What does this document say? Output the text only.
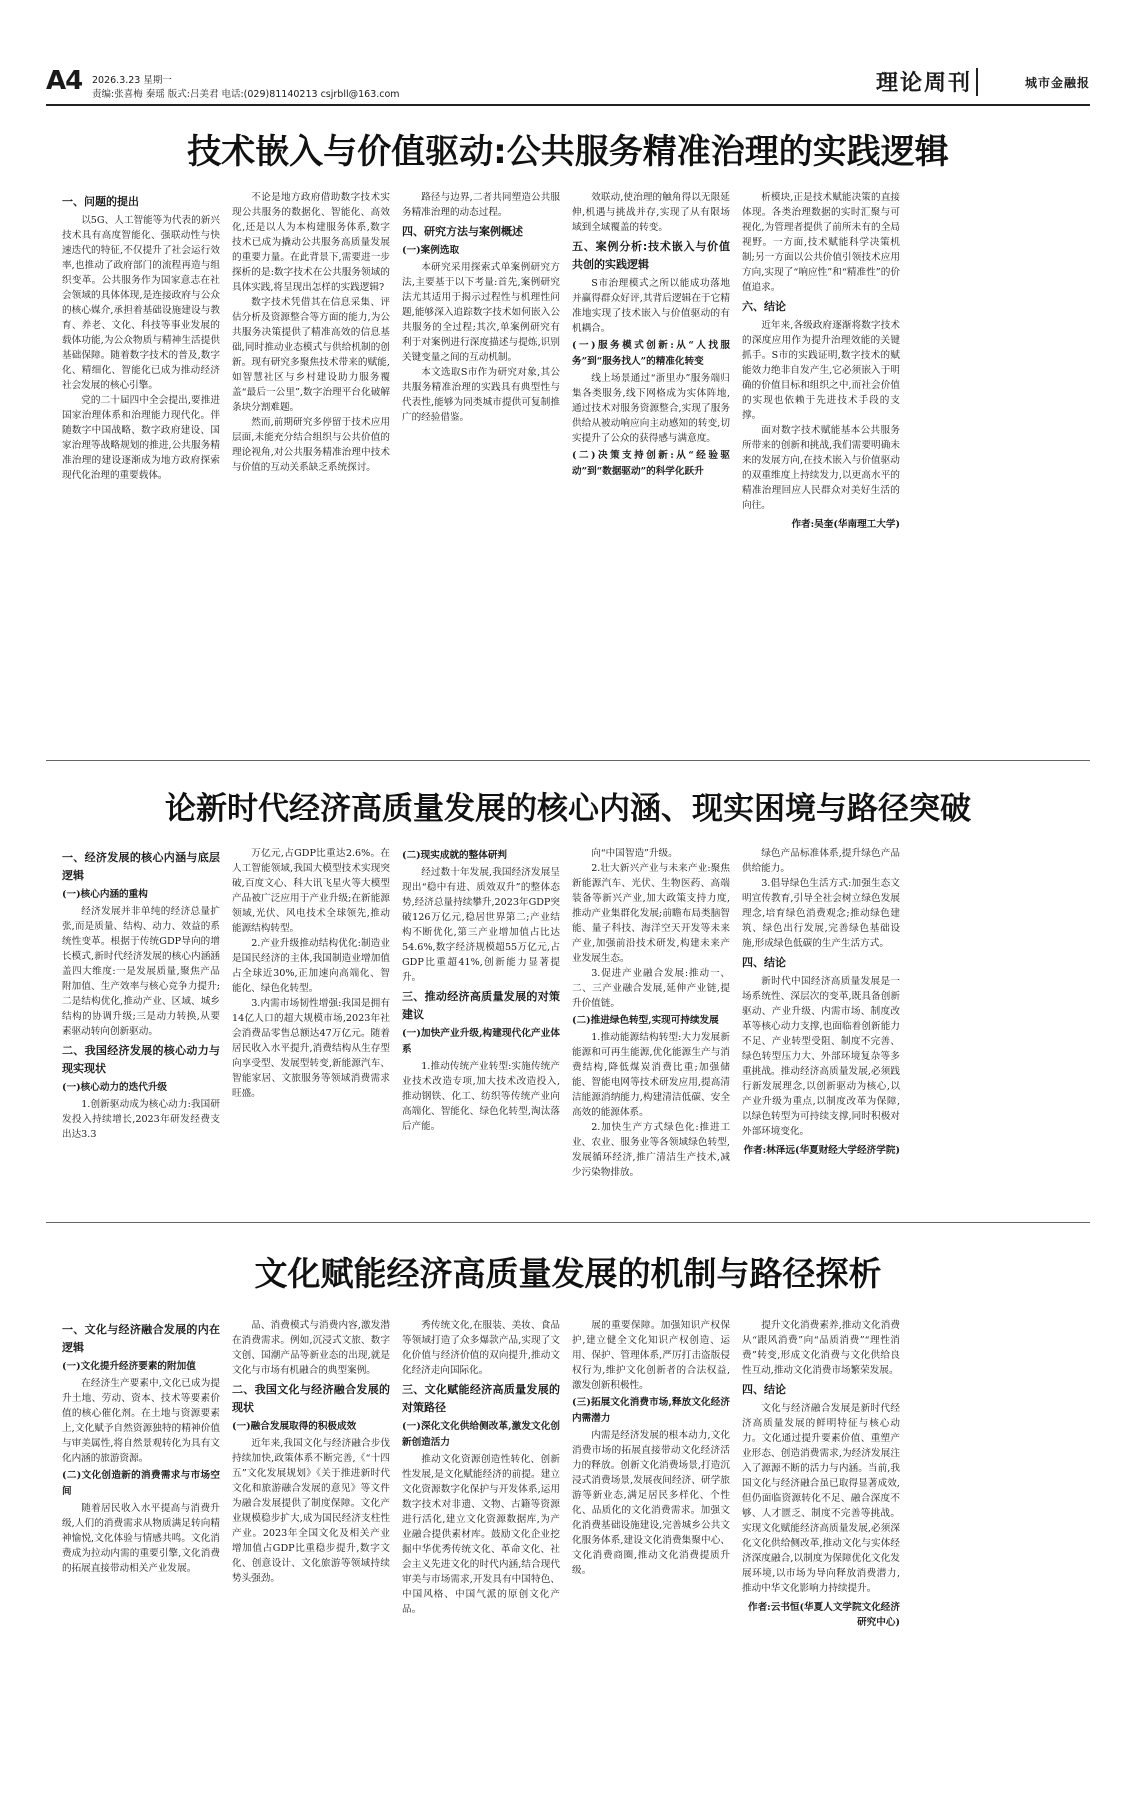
A4 2026.3.23 星期一
责编:张喜梅 秦瑶 版式:吕美君 电话:(029)81140213 csjrbll@163.com	理论周刊	城市金融报
技术嵌入与价值驱动:公共服务精准治理的实践逻辑
一、问题的提出

以5G、人工智能等为代表的新兴技术具有高度智能化、强联动性与快速迭代的特征,不仅提升了社会运行效率,也推动了政府部门的流程再造与组织变革。公共服务作为国家意志在社会领域的具体体现,是连接政府与公众的核心媒介,承担着基础设施建设与教育、养老、文化、科技等事业发展的载体功能,为公众物质与精神生活提供基础保障。随着数字技术的普及,数字化、精细化、智能化已成为推动经济社会发展的核心引擎。

党的二十届四中全会提出,要推进国家治理体系和治理能力现代化。伴随数字中国战略、数字政府建设、国家治理等战略规划的推进,公共服务精准治理的建设逐渐成为地方政府探索现代化治理的重要载体。

不论是地方政府借助数字技术实现公共服务的数据化、智能化、高效化,还是以人为本构建服务体系,数字技术已成为撬动公共服务高质量发展的重要力量。在此背景下,需要进一步探析的是:数字技术在公共服务领域的具体实践,将呈现出怎样的实践逻辑?

数字技术凭借其在信息采集、评估分析及资源整合等方面的能力,为公共服务决策提供了精准高效的信息基础,同时推动业态模式与供给机制的创新。现有研究多聚焦技术带来的赋能,如智慧社区与乡村建设助力服务覆盖“最后一公里”,数字治理平台化破解条块分割难题。

然而,前期研究多停留于技术应用层面,未能充分结合组织与公共价值的理论视角,对公共服务精准治理中技术与价值的互动关系缺乏系统探讨。

路径与边界,二者共同塑造公共服务精准治理的动态过程。

四、研究方法与案例概述
(一)案例选取

本研究采用探索式单案例研究方法,主要基于以下考量:首先,案例研究法尤其适用于揭示过程性与机理性问题,能够深入追踪数字技术如何嵌入公共服务的全过程;其次,单案例研究有利于对案例进行深度描述与提炼,识别关键变量之间的互动机制。

本文选取S市作为研究对象,其公共服务精准治理的实践具有典型性与代表性,能够为同类城市提供可复制推广的经验借鉴。

效联动,使治理的触角得以无限延伸,机遇与挑战并存,实现了从有限场域到全域覆盖的转变。

五、案例分析:技术嵌入与价值共创的实践逻辑

S市治理模式之所以能成功落地并赢得群众好评,其背后逻辑在于它精准地实现了技术嵌入与价值驱动的有机耦合。

(一)服务模式创新:从“人找服务”到“服务找人”的精准化转变

线上场景通过“浙里办”服务端归集各类服务,线下网格成为实体阵地,通过技术对服务资源整合,实现了服务供给从被动响应向主动感知的转变,切实提升了公众的获得感与满意度。

(二)决策支持创新:从“经验驱动”到“数据驱动”的科学化跃升

析模块,正是技术赋能决策的直接体现。各类治理数据的实时汇聚与可视化,为管理者提供了前所未有的全局视野。一方面,技术赋能科学决策机制;另一方面以公共价值引领技术应用方向,实现了“响应性”和“精准性”的价值追求。

六、结论

近年来,各级政府逐渐将数字技术的深度应用作为提升治理效能的关键抓手。S市的实践证明,数字技术的赋能效力绝非自发产生,它必须嵌入于明确的价值目标和组织之中,而社会价值的实现也依赖于先进技术手段的支撑。

面对数字技术赋能基本公共服务所带来的创新和挑战,我们需要明确未来的发展方向,在技术嵌入与价值驱动的双重维度上持续发力,以更高水平的精准治理回应人民群众对美好生活的向往。

作者:吴奎(华南理工大学)
论新时代经济高质量发展的核心内涵、现实困境与路径突破
一、经济发展的核心内涵与底层逻辑
(一)核心内涵的重构

经济发展并非单纯的经济总量扩张,而是质量、结构、动力、效益的系统性变革。根据于传统GDP导向的增长模式,新时代经济发展的核心内涵涵盖四大维度:一是发展质量,聚焦产品附加值、生产效率与核心竞争力提升;二是结构优化,推动产业、区域、城乡结构的协调升级;三是动力转换,从要素驱动转向创新驱动。

二、我国经济发展的核心动力与现实现状
(一)核心动力的迭代升级

1.创新驱动成为核心动力:我国研发投入持续增长,2023年研发经费支出达3.3

万亿元,占GDP比重达2.6%。在人工智能领域,我国大模型技术实现突破,百度文心、科大讯飞星火等大模型产品被广泛应用于产业升级;在新能源领域,光伏、风电技术全球领先,推动能源结构转型。

2.产业升级推动结构优化:制造业是国民经济的主体,我国制造业增加值占全球近30%,正加速向高端化、智能化、绿色化转型。

3.内需市场韧性增强:我国是拥有14亿人口的超大规模市场,2023年社会消费品零售总额达47万亿元。随着居民收入水平提升,消费结构从生存型向享受型、发展型转变,新能源汽车、智能家居、文旅服务等领域消费需求旺盛。

(二)现实成就的整体研判

经过数十年发展,我国经济发展呈现出“稳中有进、质效双升”的整体态势,经济总量持续攀升,2023年GDP突破126万亿元,稳居世界第二;产业结构不断优化,第三产业增加值占比达54.6%,数字经济规模超55万亿元,占GDP比重超41%,创新能力显著提升。

三、推动经济高质量发展的对策建议
(一)加快产业升级,构建现代化产业体系

1.推动传统产业转型:实施传统产业技术改造专项,加大技术改造投入,推动钢铁、化工、纺织等传统产业向高端化、智能化、绿色化转型,淘汰落后产能。

向“中国智造”升级。

2.壮大新兴产业与未来产业:聚焦新能源汽车、光伏、生物医药、高端装备等新兴产业,加大政策支持力度,推动产业集群化发展;前瞻布局类脑智能、量子科技、海洋空天开发等未来产业,加强前沿技术研发,构建未来产业发展生态。

3.促进产业融合发展:推动一、二、三产业融合发展,延伸产业链,提升价值链。

(二)推进绿色转型,实现可持续发展

1.推动能源结构转型:大力发展新能源和可再生能源,优化能源生产与消费结构,降低煤炭消费比重;加强储能、智能电网等技术研发应用,提高清洁能源消纳能力,构建清洁低碳、安全高效的能源体系。

2.加快生产方式绿色化:推进工业、农业、服务业等各领域绿色转型,发展循环经济,推广清洁生产技术,减少污染物排放。

绿色产品标准体系,提升绿色产品供给能力。

3.倡导绿色生活方式:加强生态文明宣传教育,引导全社会树立绿色发展理念,培育绿色消费观念;推动绿色建筑、绿色出行发展,完善绿色基础设施,形成绿色低碳的生产生活方式。

四、结论

新时代中国经济高质量发展是一场系统性、深层次的变革,既具备创新驱动、产业升级、内需市场、制度改革等核心动力支撑,也面临着创新能力不足、产业转型受阻、制度不完善、绿色转型压力大、外部环境复杂等多重挑战。推动经济高质量发展,必须践行新发展理念,以创新驱动为核心,以产业升级为重点,以制度改革为保障,以绿色转型为可持续支撑,同时积极对外部环境变化。

作者:林泽远(华夏财经大学经济学院)
文化赋能经济高质量发展的机制与路径探析
一、文化与经济融合发展的内在逻辑
(一)文化提升经济要素的附加值

在经济生产要素中,文化已成为提升土地、劳动、资本、技术等要素价值的核心催化剂。在土地与资源要素上,文化赋予自然资源独特的精神价值与审美属性,将自然景观转化为具有文化内涵的旅游资源。

(二)文化创造新的消费需求与市场空间

随着居民收入水平提高与消费升级,人们的消费需求从物质满足转向精神愉悦,文化体验与情感共鸣。文化消费成为拉动内需的重要引擎,文化消费的拓展直接带动相关产业发展。

品、消费模式与消费内容,激发潜在消费需求。例如,沉浸式文旅、数字文创、国潮产品等新业态的出现,就是文化与市场有机融合的典型案例。

二、我国文化与经济融合发展的现状
(一)融合发展取得的积极成效

近年来,我国文化与经济融合步伐持续加快,政策体系不断完善,《“十四五”文化发展规划》《关于推进新时代文化和旅游融合发展的意见》等文件为融合发展提供了制度保障。文化产业规模稳步扩大,成为国民经济支柱性产业。2023年全国文化及相关产业增加值占GDP比重稳步提升,数字文化、创意设计、文化旅游等领域持续势头强劲。

秀传统文化,在服装、美妆、食品等领域打造了众多爆款产品,实现了文化价值与经济价值的双向提升,推动文化经济走向国际化。

三、文化赋能经济高质量发展的对策路径
(一)深化文化供给侧改革,激发文化创新创造活力

推动文化资源创造性转化、创新性发展,是文化赋能经济的前提。建立文化资源数字化保护与开发体系,运用数字技术对非遗、文物、古籍等资源进行活化,建立文化资源数据库,为产业融合提供素材库。鼓励文化企业挖掘中华优秀传统文化、革命文化、社会主义先进文化的时代内涵,结合现代审美与市场需求,开发具有中国特色、中国风格、中国气派的原创文化产品。

展的重要保障。加强知识产权保护,建立健全文化知识产权创造、运用、保护、管理体系,严厉打击盗版侵权行为,维护文化创新者的合法权益,激发创新积极性。

(三)拓展文化消费市场,释放文化经济内需潜力

内需是经济发展的根本动力,文化消费市场的拓展直接带动文化经济活力的释放。创新文化消费场景,打造沉浸式消费场景,发展夜间经济、研学旅游等新业态,满足居民多样化、个性化、品质化的文化消费需求。加强文化消费基础设施建设,完善城乡公共文化服务体系,建设文化消费集聚中心、文化消费商圈,推动文化消费提质升级。

提升文化消费素养,推动文化消费从“跟风消费”向“品质消费”“理性消费”转变,形成文化消费与文化供给良性互动,推动文化消费市场繁荣发展。

四、结论

文化与经济融合发展是新时代经济高质量发展的鲜明特征与核心动力。文化通过提升要素价值、重塑产业形态、创造消费需求,为经济发展注入了源源不断的活力与内涵。当前,我国文化与经济融合虽已取得显著成效,但仍面临资源转化不足、融合深度不够、人才匮乏、制度不完善等挑战。实现文化赋能经济高质量发展,必须深化文化供给侧改革,推动文化与实体经济深度融合,以制度为保障优化文化发展环境,以市场为导向释放消费潜力,推动中华文化影响力持续提升。

作者:云书恒(华夏人文学院文化经济研究中心)
